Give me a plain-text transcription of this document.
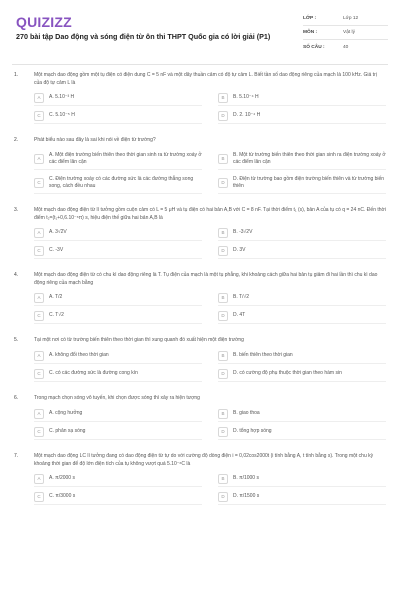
QUIZIZZ
270 bài tập Dao động và sóng điện từ ôn thi THPT Quốc gia có lời giải (P1)
LỚP :	Lớp 12
MÔN :	Vật lý
SỐ CÂU :	40
1.	Một mạch dao động gồm một tụ điện có điện dung C = 5 nF và một dây thuần cảm có độ tự cảm L. Biết tần số dao động riêng của mạch là 100 kHz. Giá trị của độ tự cảm L là
A	A. 5.10⁻³ H	B	B. 5.10⁻⁴ H
C	C. 5.10⁻⁵ H	D	D. 2. 10⁻⁴ H
2.	Phát biểu nào sau đây là sai khi nói về điện từ trường?
A
A. Một điện trường biến thiên theo thời gian sinh ra từ trường xoáy ở các điểm lân cận	B
B. Một từ trường biến thiên theo thời gian sinh ra điện trường xoáy ở các điểm lân cận
C
C. Điện trường xoáy có các đường sức là các đường thẳng song song, cách đều nhau	D
D. Điện từ trường bao gồm điện trường biến thiên và từ trường biến thiên
3.	Một mạch dao động điện từ lí tưởng gồm cuộn cảm có L = 5 μH và tụ điện có hai bản A,B với C = 8 nF. Tại thời điểm t₁ (s), bản A của tụ có q = 24 nC. Đến thời điểm t₂=(t₁+0,6.10⁻⁶π) s, hiệu điện thế giữa hai bản A,B là
A	A. 3√2V	B	B. -3√2V
C	C. -3V	D	D. 3V
4.	Một mạch dao động điện từ có chu kì dao động riêng là T. Tụ điện của mạch là một tụ phẳng, khi khoảng cách giữa hai bản tụ giảm đi hai lần thì chu kì dao động riêng của mạch bằng
A	A. T/2	B	B. T/√2
C	C. T√2	D	D. 4T
5.	Tại một nơi có từ trường biến thiên theo thời gian thì xung quanh đó xuất hiện một điện trường
A	A. không đổi theo thời gian	B	B. biến thiên theo thời gian
C	C. có các đường sức là đường cong kín	D	D. có cường độ phụ thuộc thời gian theo hàm sin
6.	Trong mạch chọn sóng vô tuyến, khi chọn được sóng thì xảy ra hiện tượng
A	A. cộng hưởng	B	B. giao thoa
C	C. phản xạ sóng	D	D. tổng hợp sóng
7.	Một mạch dao động LC lí tưởng đang có dao động điện từ tự do với cường độ dòng điện i = 0,02cos2000t (i tính bằng A, t tính bằng s). Trong một chu kỳ khoảng thời gian để độ lớn điện tích của tụ không vượt quá 5.10⁻⁶C là
A	A. π/2000 s	B	B. π/1000 s
C	C. π/3000 s	D	D. π/1500 s
